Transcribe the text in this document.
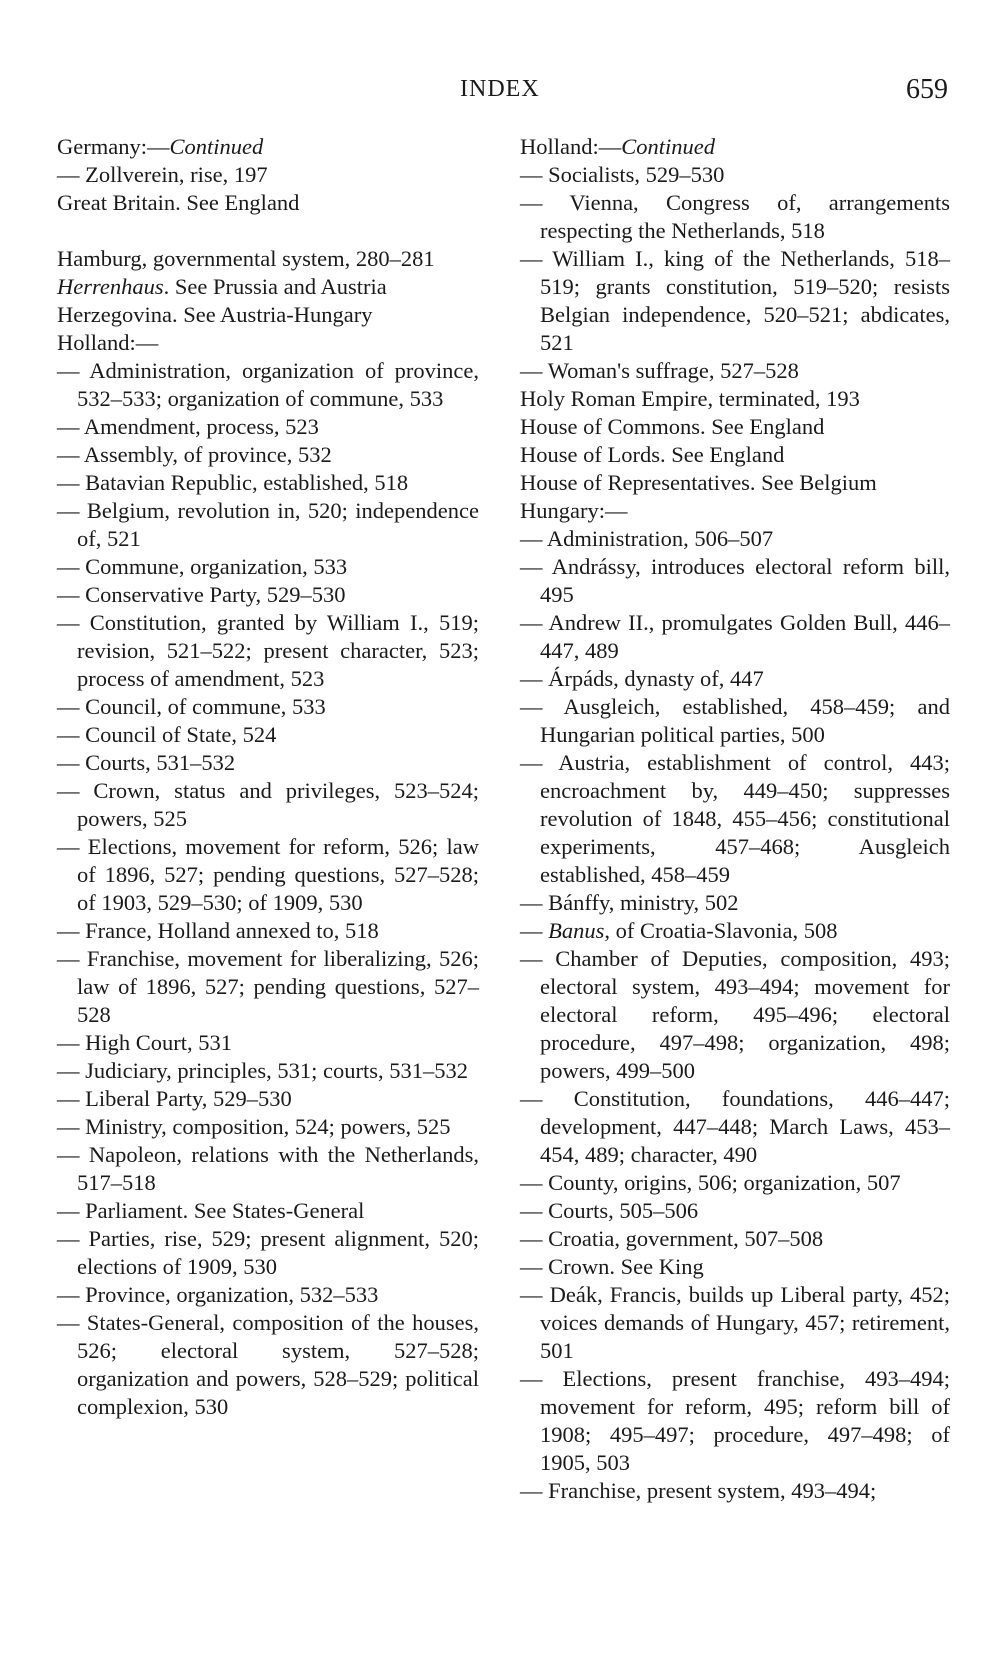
INDEX	659
Germany:—Continued
— Zollverein, rise, 197
Great Britain. See England
Hamburg, governmental system, 280–281
Herrenhaus. See Prussia and Austria
Herzegovina. See Austria-Hungary
Holland:—
— Administration, organization of province, 532–533; organization of commune, 533
— Amendment, process, 523
— Assembly, of province, 532
— Batavian Republic, established, 518
— Belgium, revolution in, 520; independence of, 521
— Commune, organization, 533
— Conservative Party, 529–530
— Constitution, granted by William I., 519; revision, 521–522; present character, 523; process of amendment, 523
— Council, of commune, 533
— Council of State, 524
— Courts, 531–532
— Crown, status and privileges, 523–524; powers, 525
— Elections, movement for reform, 526; law of 1896, 527; pending questions, 527–528; of 1903, 529–530; of 1909, 530
— France, Holland annexed to, 518
— Franchise, movement for liberalizing, 526; law of 1896, 527; pending questions, 527–528
— High Court, 531
— Judiciary, principles, 531; courts, 531–532
— Liberal Party, 529–530
— Ministry, composition, 524; powers, 525
— Napoleon, relations with the Netherlands, 517–518
— Parliament. See States-General
— Parties, rise, 529; present alignment, 520; elections of 1909, 530
— Province, organization, 532–533
— States-General, composition of the houses, 526; electoral system, 527–528; organization and powers, 528–529; political complexion, 530
Holland:—Continued
— Socialists, 529–530
— Vienna, Congress of, arrangements respecting the Netherlands, 518
— William I., king of the Netherlands, 518–519; grants constitution, 519–520; resists Belgian independence, 520–521; abdicates, 521
— Woman's suffrage, 527–528
Holy Roman Empire, terminated, 193
House of Commons. See England
House of Lords. See England
House of Representatives. See Belgium
Hungary:—
— Administration, 506–507
— Andrássy, introduces electoral reform bill, 495
— Andrew II., promulgates Golden Bull, 446–447, 489
— Árpáds, dynasty of, 447
— Ausgleich, established, 458–459; and Hungarian political parties, 500
— Austria, establishment of control, 443; encroachment by, 449–450; suppresses revolution of 1848, 455–456; constitutional experiments, 457–468; Ausgleich established, 458–459
— Bánffy, ministry, 502
— Banus, of Croatia-Slavonia, 508
— Chamber of Deputies, composition, 493; electoral system, 493–494; movement for electoral reform, 495–496; electoral procedure, 497–498; organization, 498; powers, 499–500
— Constitution, foundations, 446–447; development, 447–448; March Laws, 453–454, 489; character, 490
— County, origins, 506; organization, 507
— Courts, 505–506
— Croatia, government, 507–508
— Crown. See King
— Deák, Francis, builds up Liberal party, 452; voices demands of Hungary, 457; retirement, 501
— Elections, present franchise, 493–494; movement for reform, 495; reform bill of 1908; 495–497; procedure, 497–498; of 1905, 503
— Franchise, present system, 493–494;
